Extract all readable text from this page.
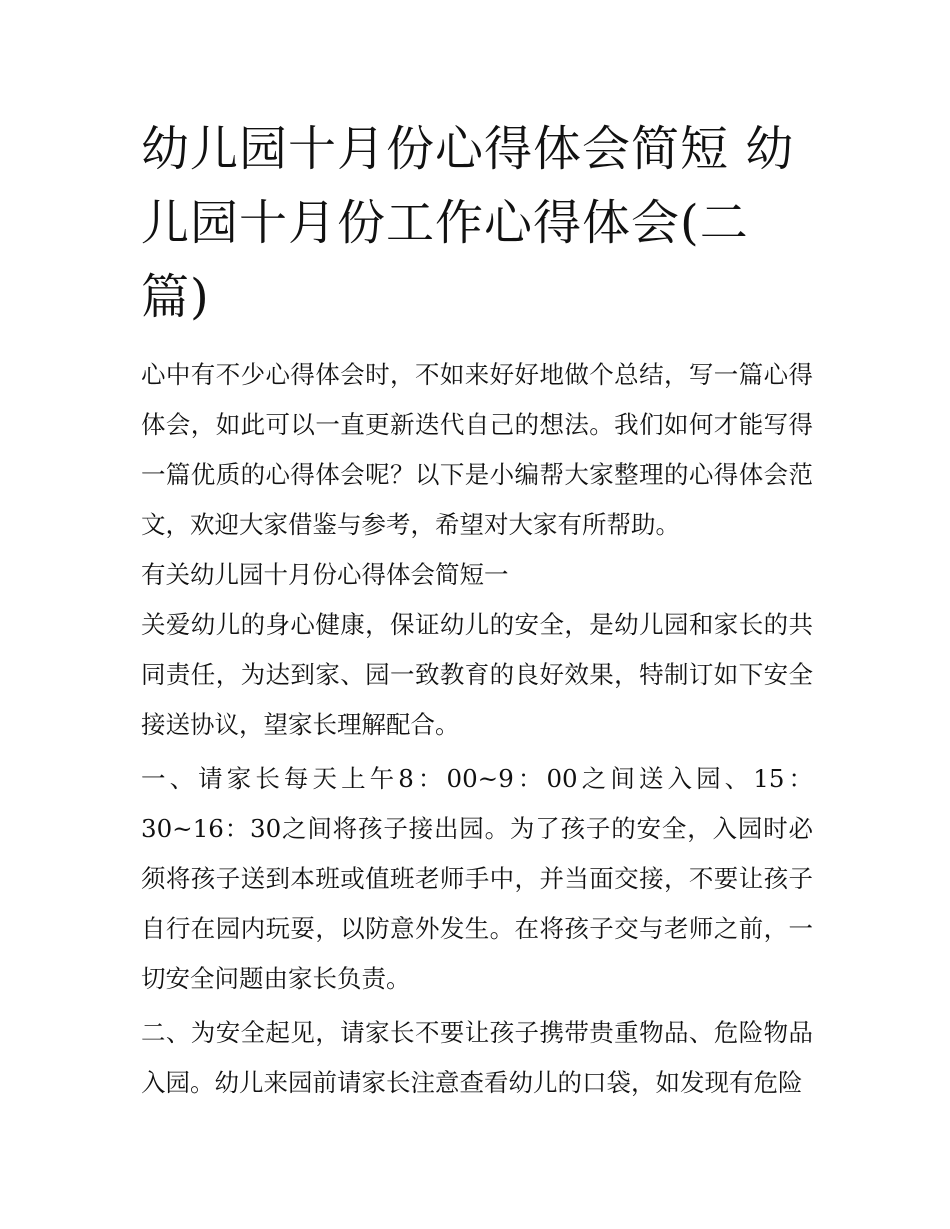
幼儿园十月份心得体会简短 幼儿园十月份工作心得体会(二篇)

心中有不少心得体会时，不如来好好地做个总结，写一篇心得体会，如此可以一直更新迭代自己的想法。我们如何才能写得一篇优质的心得体会呢？以下是小编帮大家整理的心得体会范文，欢迎大家借鉴与参考，希望对大家有所帮助。

有关幼儿园十月份心得体会简短一

关爱幼儿的身心健康，保证幼儿的安全，是幼儿园和家长的共同责任，为达到家、园一致教育的良好效果，特制订如下安全接送协议，望家长理解配合。

一、请家长每天上午8：00~9：00之间送入园、15：30~16：30之间将孩子接出园。为了孩子的安全，入园时必须将孩子送到本班或值班老师手中，并当面交接，不要让孩子自行在园内玩耍，以防意外发生。在将孩子交与老师之前，一切安全问题由家长负责。

二、为安全起见，请家长不要让孩子携带贵重物品、危险物品入园。幼儿来园前请家长注意查看幼儿的口袋，如发现有危险
